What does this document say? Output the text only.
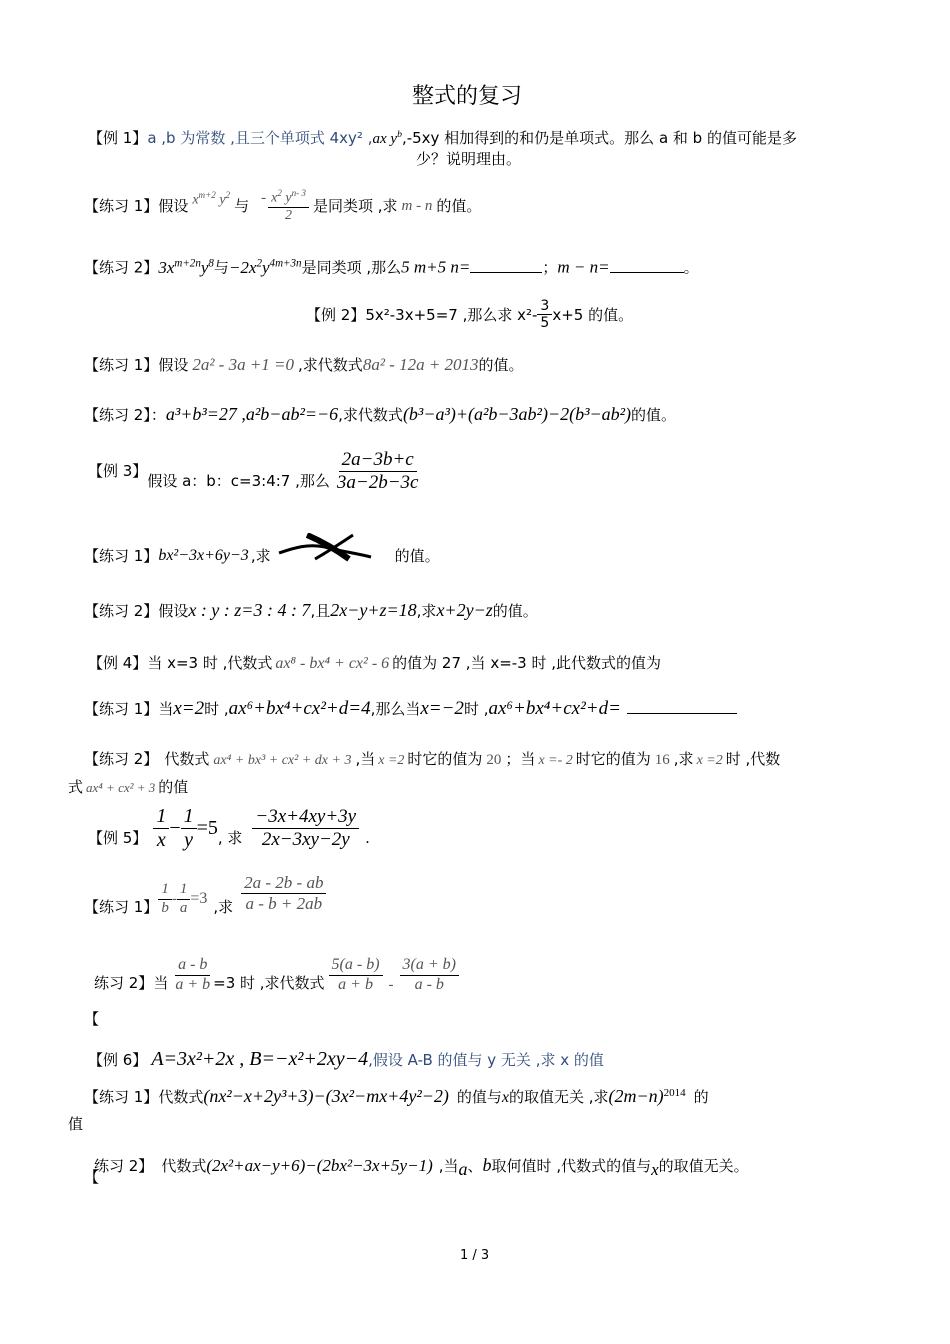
整式的复习
【例 1】a ,b 为常数 ,且三个单项式 4xy² ,ax $y^b,-5xy$ 相加得到的和仍是单项式。那么 a 和 b 的值可能是多
少？说明理由。
【练习 1】 假设 $x^{m+2}$ $y^2$
与 - $\frac{x^2 y^{n- 3}}{2}$ 是同类项 ,求 m - n 的值。
【练习 2】$3x^{m+2n}y^8$与$-2x^2y^{4m+3n}$是同类项 ,那么5 m+5 n=	；m − n=	。
【例 2】 5x²-3x+5=7 ,那么求 $x^2- \frac{3}{5} x+5$ 的值。
【练习 1】假设 2a² - 3a +1 =0 ,求代数式8a² - 12a + 2013的值。
【练习 2】：a³+b³=27 ,a²b−ab²=−6,求代数式(b³−a³)+(a²b−3ab²)−2(b³−ab²)的值。
【例 3】
假设 a：b：c=3:4:7 ,那么 $\frac{2a-3b+c}{3a-2b-3c}$
【练习 1】 bx²−3x+6y−3 ,求	的值。
【练习 2】假设x : y : z=3 : 4 : 7,且2x−y+z=18,求x+2y−z的值。
【例 4】当 x=3 时 ,代数式 ax⁸ - bx⁴ + cx² - 6 的值为 27 ,当 x=-3 时 ,此代数式的值为
【练习 1】当x=2时 ,ax⁶+bx⁴+cx²+d=4,那么当x=−2时 ,ax⁶+bx⁴+cx²+d=
【练习 2】 代数式 ax⁴ + bx³ + cx² + dx + 3 ,当 x =2 时它的值为 20 ；当 x =- 2 时它的值为 16 ,求 x =2 时 ,代数
式 ax⁴ + cx² + 3 的值
【例 5】 $\frac{1}{x} - \frac{1}{y} =5$ , 求 $\frac{-3x+4xy+3y}{2x-3xy-2y}$ .
【练习 1】 $\frac{1}{b} - \frac{1}{a} =3$ ,求 $\frac{2a - 2b - ab}{a - b + 2ab}$
练习 2】 当 $\frac{a - b}{a + b} =3$ 时 ,求代数式 $\frac{5(a - b)}{a + b} - \frac{3(a + b)}{a - b}$
【
【例 6】 A=3x²+2x , B=−x²+2xy−4,假设 A-B 的值与 y 无关 ,求 x 的值
【练习 1】代数式(nx²−x+2y³+3)−(3x²−mx+4y²−2) 的值与x的取值无关 ,求$(2m-n)^{2014}$ 的
值
练习 2】 代数式(2x²+ax−y+6)−(2bx²−3x+5y−1) ,当a、b取何值时 ,代数式的值与x的取值无关。
【
1 / 3
